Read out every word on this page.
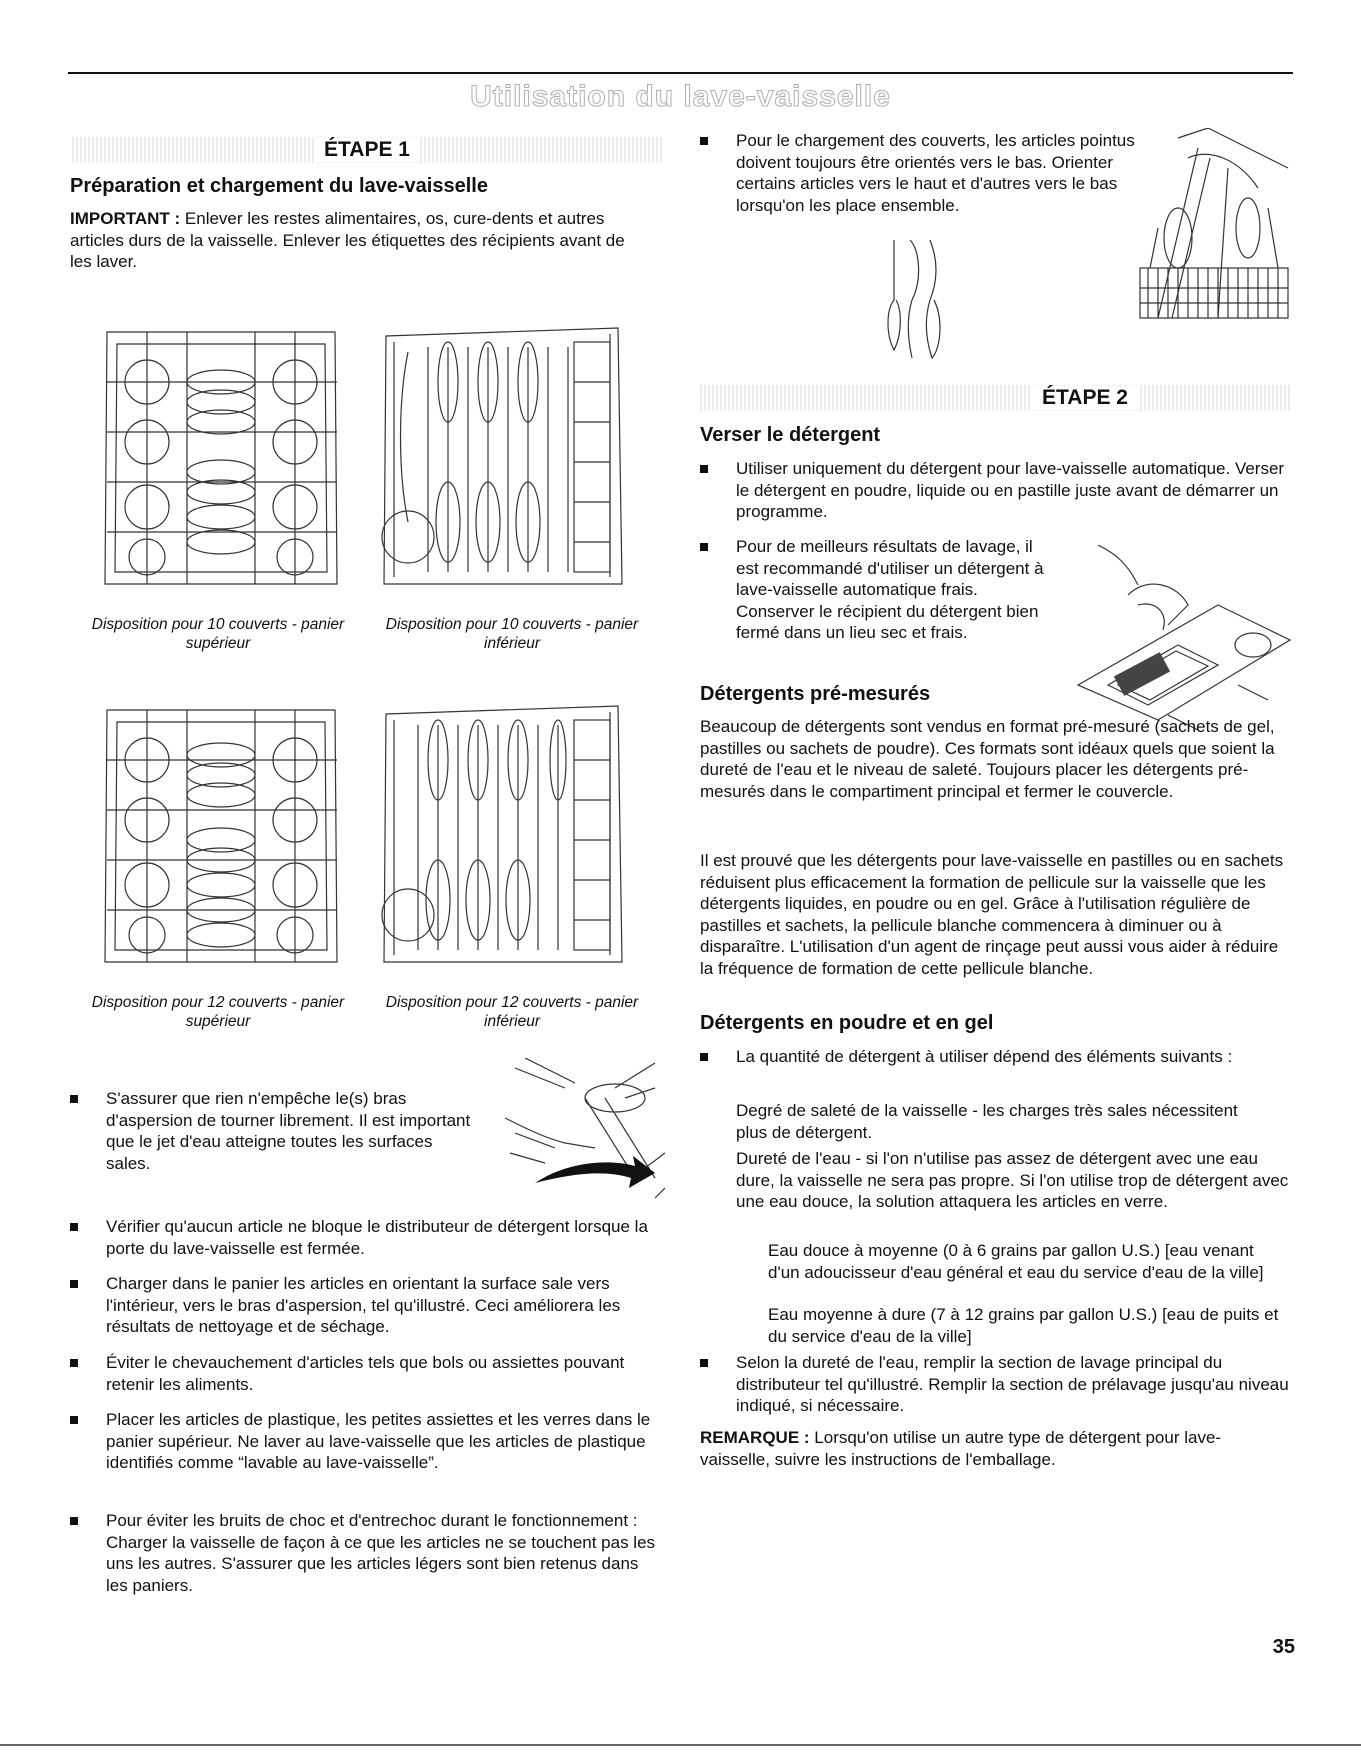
Utilisation du lave-vaisselle
ÉTAPE 1
Préparation et chargement du lave-vaisselle

IMPORTANT : Enlever les restes alimentaires, os, cure-dents et autres articles durs de la vaisselle. Enlever les étiquettes des récipients avant de les laver.

Disposition pour 10 couverts - panier supérieur
Disposition pour 10 couverts - panier inférieur
Disposition pour 12 couverts - panier supérieur
Disposition pour 12 couverts - panier inférieur
S'assurer que rien n'empêche le(s) bras d'aspersion de tourner librement. Il est important que le jet d'eau atteigne toutes les surfaces sales.
Vérifier qu'aucun article ne bloque le distributeur de détergent lorsque la porte du lave-vaisselle est fermée.
Charger dans le panier les articles en orientant la surface sale vers l'intérieur, vers le bras d'aspersion, tel qu'illustré. Ceci améliorera les résultats de nettoyage et de séchage.
Éviter le chevauchement d'articles tels que bols ou assiettes pouvant retenir les aliments.
Placer les articles de plastique, les petites assiettes et les verres dans le panier supérieur. Ne laver au lave-vaisselle que les articles de plastique identifiés comme “lavable au lave-vaisselle”.
Pour éviter les bruits de choc et d'entrechoc durant le fonctionnement : Charger la vaisselle de façon à ce que les articles ne se touchent pas les uns les autres. S'assurer que les articles légers sont bien retenus dans les paniers.
Pour le chargement des couverts, les articles pointus doivent toujours être orientés vers le bas. Orienter certains articles vers le haut et d'autres vers le bas lorsqu'on les place ensemble.
ÉTAPE 2
Verser le détergent
Utiliser uniquement du détergent pour lave-vaisselle automatique. Verser le détergent en poudre, liquide ou en pastille juste avant de démarrer un programme.
Pour de meilleurs résultats de lavage, il est recommandé d'utiliser un détergent à lave-vaisselle automatique frais. Conserver le récipient du détergent bien fermé dans un lieu sec et frais.
Détergents pré-mesurés

Beaucoup de détergents sont vendus en format pré-mesuré (sachets de gel, pastilles ou sachets de poudre). Ces formats sont idéaux quels que soient la dureté de l'eau et le niveau de saleté. Toujours placer les détergents pré-mesurés dans le compartiment principal et fermer le couvercle.

Il est prouvé que les détergents pour lave-vaisselle en pastilles ou en sachets réduisent plus efficacement la formation de pellicule sur la vaisselle que les détergents liquides, en poudre ou en gel. Grâce à l'utilisation régulière de pastilles et sachets, la pellicule blanche commencera à diminuer ou à disparaître. L'utilisation d'un agent de rinçage peut aussi vous aider à réduire la fréquence de formation de cette pellicule blanche.

Détergents en poudre et en gel
La quantité de détergent à utiliser dépend des éléments suivants :

Degré de saleté de la vaisselle - les charges très sales nécessitent plus de détergent.

Dureté de l'eau - si l'on n'utilise pas assez de détergent avec une eau dure, la vaisselle ne sera pas propre. Si l'on utilise trop de détergent avec une eau douce, la solution attaquera les articles en verre.

Eau douce à moyenne (0 à 6 grains par gallon U.S.) [eau venant d'un adoucisseur d'eau général et eau du service d'eau de la ville]

Eau moyenne à dure (7 à 12 grains par gallon U.S.) [eau de puits et du service d'eau de la ville]

Selon la dureté de l'eau, remplir la section de lavage principal du distributeur tel qu'illustré. Remplir la section de prélavage jusqu'au niveau indiqué, si nécessaire.

REMARQUE : Lorsqu'on utilise un autre type de détergent pour lave-vaisselle, suivre les instructions de l'emballage.

35
